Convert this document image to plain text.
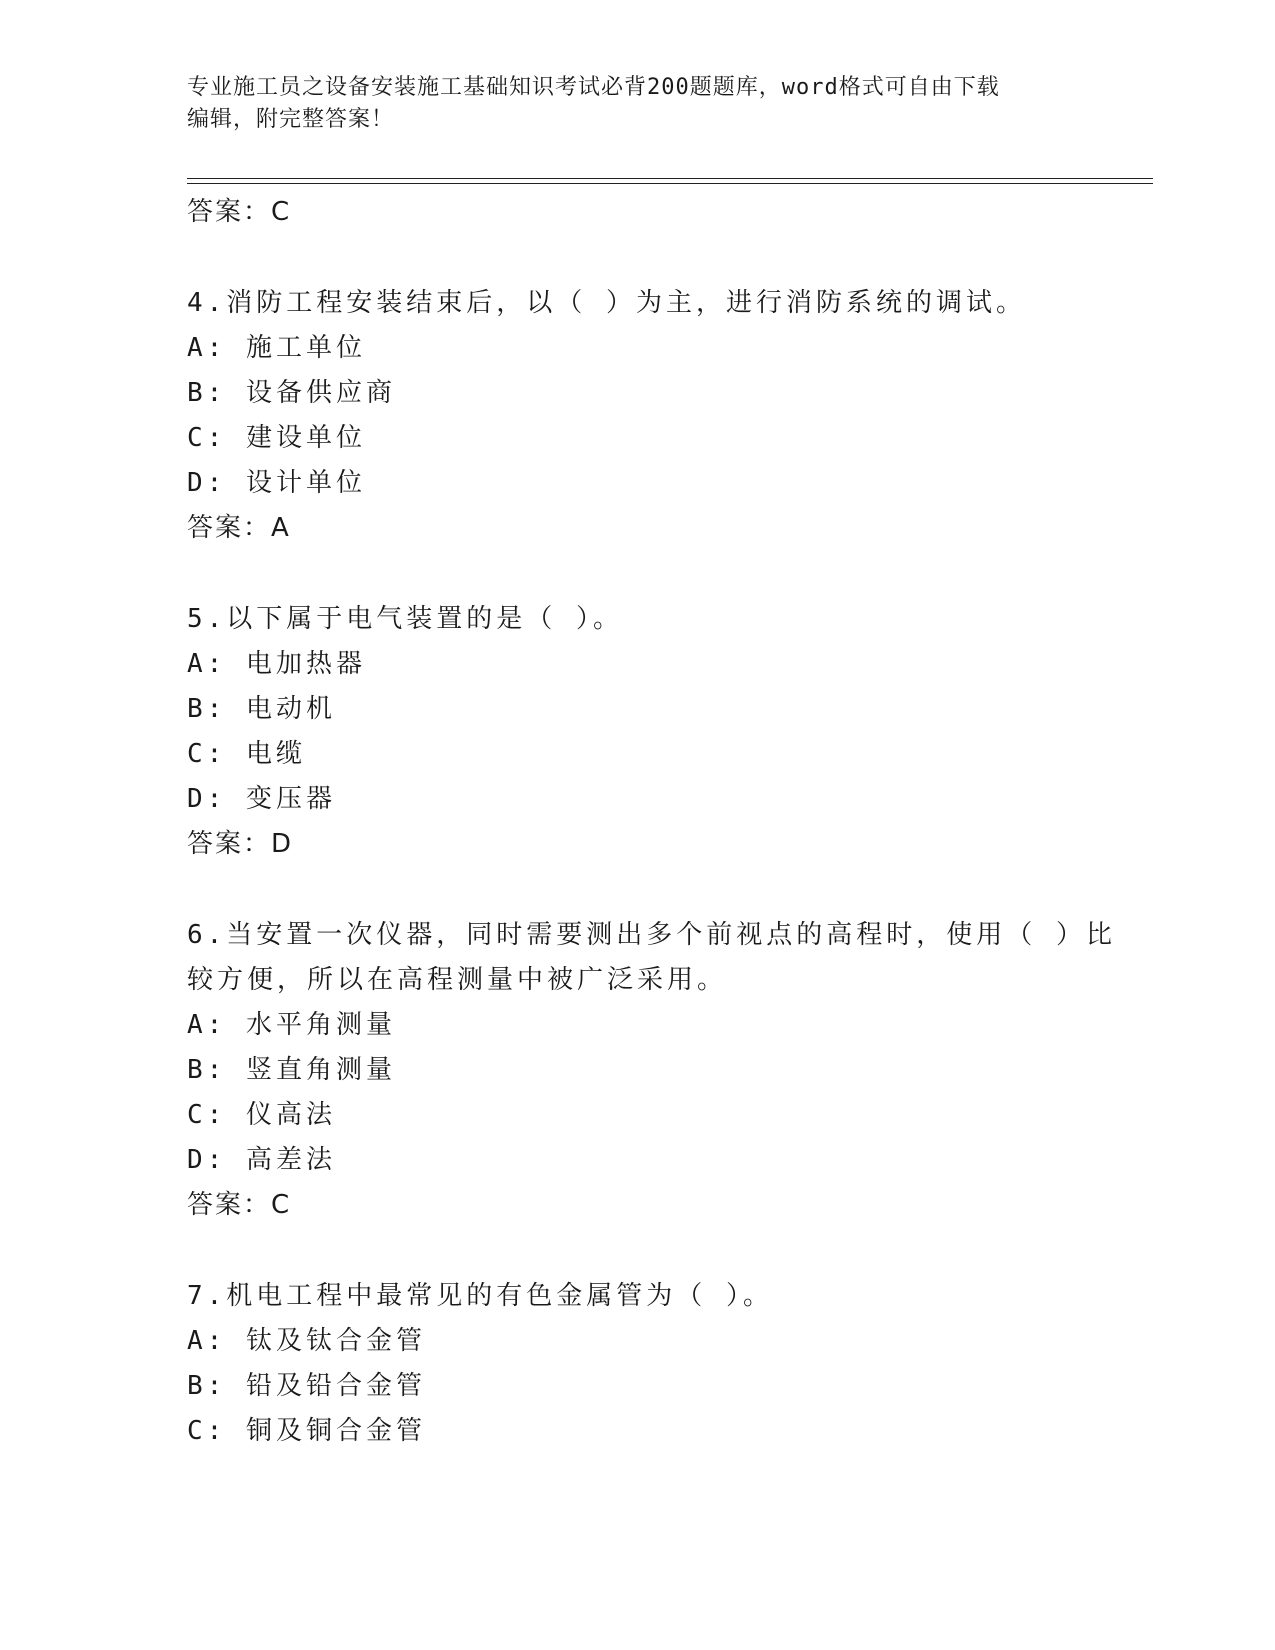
专业施工员之设备安装施工基础知识考试必背200题题库，word格式可自由下载
编辑，附完整答案！
答案：C
4.消防工程安装结束后，以（ ）为主，进行消防系统的调试。
A: 施工单位
B: 设备供应商
C: 建设单位
D: 设计单位
答案：A
5.以下属于电气装置的是（ ）。
A: 电加热器
B: 电动机
C: 电缆
D: 变压器
答案：D
6.当安置一次仪器，同时需要测出多个前视点的高程时，使用（ ）比
较方便，所以在高程测量中被广泛采用。
A: 水平角测量
B: 竖直角测量
C: 仪高法
D: 高差法
答案：C
7.机电工程中最常见的有色金属管为（ ）。
A: 钛及钛合金管
B: 铅及铅合金管
C: 铜及铜合金管
